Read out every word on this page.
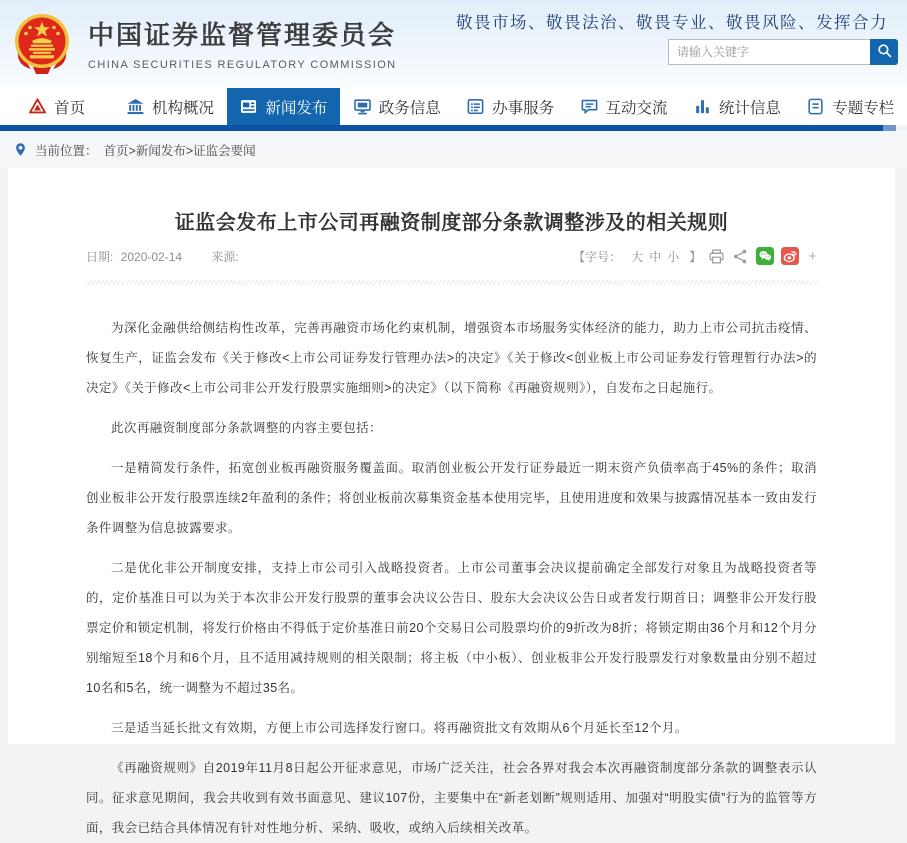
中国证券监督管理委员会
CHINA SECURITIES REGULATORY COMMISSION
敬畏市场、敬畏法治、敬畏专业、敬畏风险、发挥合力
请输入关键字
首页	机构概况	新闻发布	政务信息	办事服务	互动交流	统计信息	专题专栏
当前位置： 首页>新闻发布>证监会要闻
证监会发布上市公司再融资制度部分条款调整涉及的相关规则
日期: 2020-02-14 来源:	【字号： 大 中 小 】	+

为深化金融供给侧结构性改革，完善再融资市场化约束机制，增强资本市场服务实体经济的能力，助力上市公司抗击疫情、恢复生产，证监会发布《关于修改<上市公司证券发行管理办法>的决定》《关于修改<创业板上市公司证券发行管理暂行办法>的决定》《关于修改<上市公司非公开发行股票实施细则>的决定》（以下简称《再融资规则》），自发布之日起施行。

此次再融资制度部分条款调整的内容主要包括：

一是精简发行条件，拓宽创业板再融资服务覆盖面。取消创业板公开发行证券最近一期末资产负债率高于45%的条件；取消创业板非公开发行股票连续2年盈利的条件；将创业板前次募集资金基本使用完毕，且使用进度和效果与披露情况基本一致由发行条件调整为信息披露要求。

二是优化非公开制度安排，支持上市公司引入战略投资者。上市公司董事会决议提前确定全部发行对象且为战略投资者等的，定价基准日可以为关于本次非公开发行股票的董事会决议公告日、股东大会决议公告日或者发行期首日；调整非公开发行股票定价和锁定机制，将发行价格由不得低于定价基准日前20个交易日公司股票均价的9折改为8折；将锁定期由36个月和12个月分别缩短至18个月和6个月，且不适用减持规则的相关限制；将主板（中小板）、创业板非公开发行股票发行对象数量由分别不超过10名和5名，统一调整为不超过35名。

三是适当延长批文有效期，方便上市公司选择发行窗口。将再融资批文有效期从6个月延长至12个月。

《再融资规则》自2019年11月8日起公开征求意见，市场广泛关注，社会各界对我会本次再融资制度部分条款的调整表示认同。征求意见期间，我会共收到有效书面意见、建议107份，主要集中在“新老划断”规则适用、加强对“明股实债”行为的监管等方面，我会已结合具体情况有针对性地分析、采纳、吸收，或纳入后续相关改革。
